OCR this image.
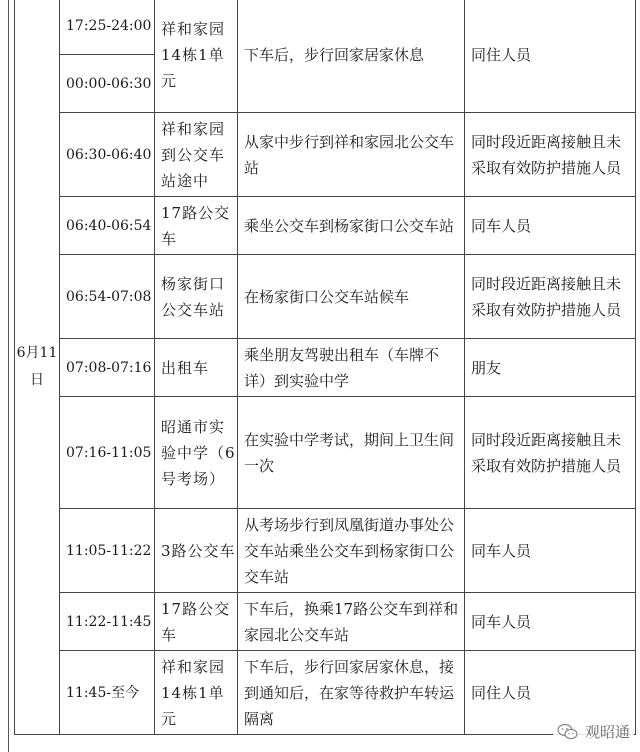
6月11日	17:25-24:00	祥和家园14栋1单元	下车后，步行回家居家休息	同住人员
	00:00-06:30			
	06:30-06:40	祥和家园到公交车站途中	从家中步行到祥和家园北公交车站	同时段近距离接触且未采取有效防护措施人员
	06:40-06:54	17路公交车	乘坐公交车到杨家街口公交车站	同车人员
	06:54-07:08	杨家街口公交车站	在杨家街口公交车站候车	同时段近距离接触且未采取有效防护措施人员
	07:08-07:16	出租车	乘坐朋友驾驶出租车（车牌不详）到实验中学	朋友
	07:16-11:05	昭通市实验中学（6号考场）	在实验中学考试，期间上卫生间一次	同时段近距离接触且未采取有效防护措施人员
	11:05-11:22	3路公交车	从考场步行到凤凰街道办事处公交车站乘坐公交车到杨家街口公交车站	同车人员
	11:22-11:45	17路公交车	下车后，换乘17路公交车到祥和家园北公交车站	同车人员
	11:45-至今	祥和家园14栋1单元	下车后，步行回家居家休息，接到通知后，在家等待救护车转运隔离	同住人员
观昭通
